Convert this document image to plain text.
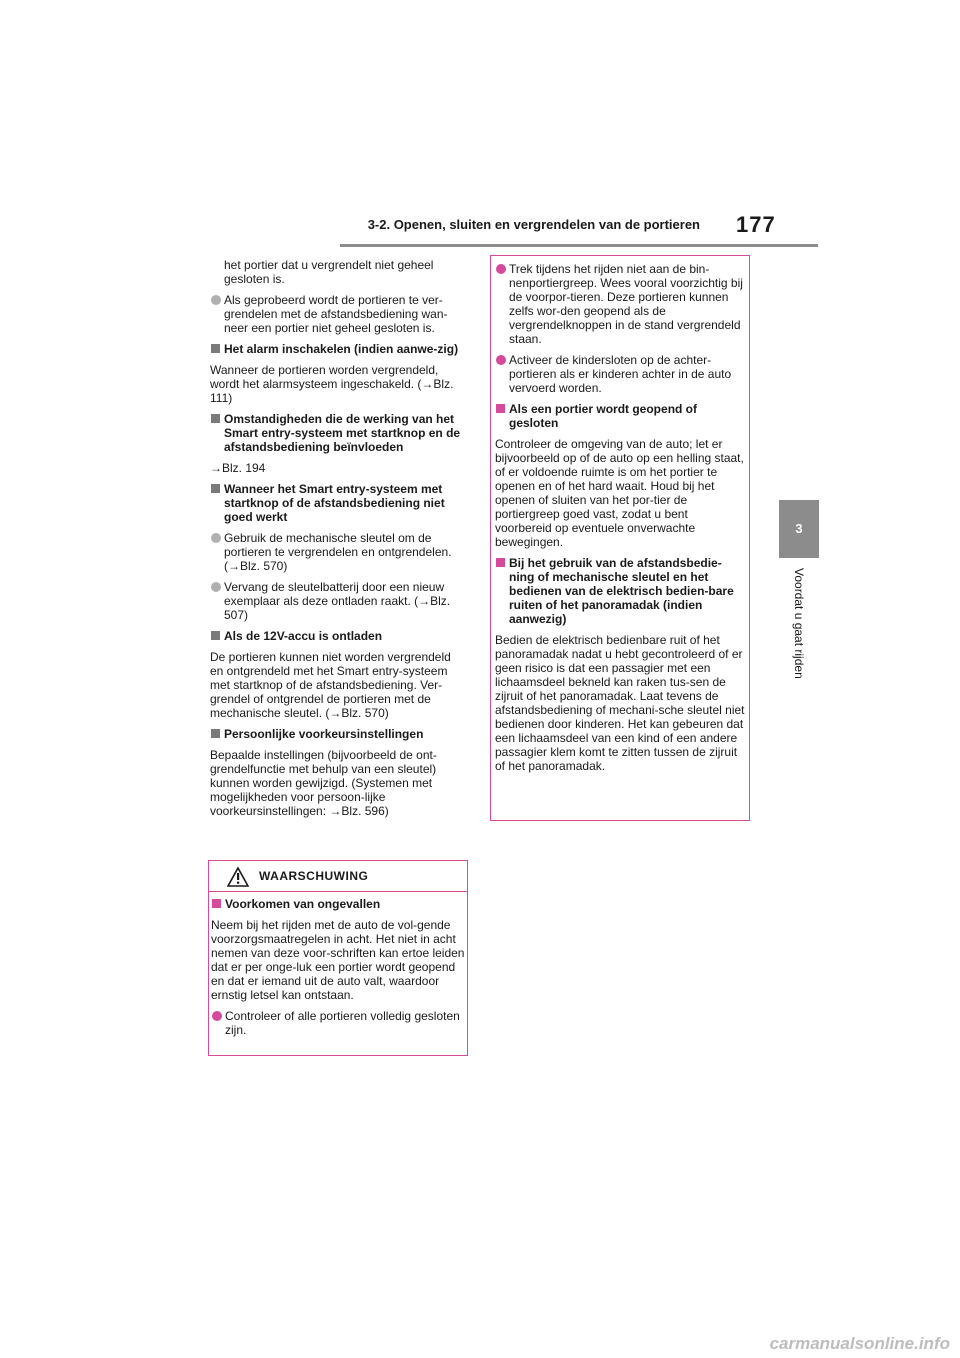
3-2. Openen, sluiten en vergrendelen van de portieren 177
3
Voordat u gaat rijden

het portier dat u vergrendelt niet geheel gesloten is.

Als geprobeerd wordt de portieren te ver-grendelen met de afstandsbediening wan-neer een portier niet geheel gesloten is.

Het alarm inschakelen (indien aanwe-zig)

Wanneer de portieren worden vergrendeld, wordt het alarmsysteem ingeschakeld. (→Blz. 111)

Omstandigheden die de werking van het Smart entry-systeem met startknop en de afstandsbediening beïnvloeden

→Blz. 194

Wanneer het Smart entry-systeem met startknop of de afstandsbediening niet goed werkt

Gebruik de mechanische sleutel om de portieren te vergrendelen en ontgrendelen. (→Blz. 570)

Vervang de sleutelbatterij door een nieuw exemplaar als deze ontladen raakt. (→Blz. 507)

Als de 12V-accu is ontladen

De portieren kunnen niet worden vergrendeld en ontgrendeld met het Smart entry-systeem met startknop of de afstandsbediening. Ver-grendel of ontgrendel de portieren met de mechanische sleutel. (→Blz. 570)

Persoonlijke voorkeursinstellingen

Bepaalde instellingen (bijvoorbeeld de ont-grendelfunctie met behulp van een sleutel) kunnen worden gewijzigd. (Systemen met mogelijkheden voor persoon-lijke voorkeursinstellingen: →Blz. 596)

WAARSCHUWING

Voorkomen van ongevallen

Neem bij het rijden met de auto de vol-gende voorzorgsmaatregelen in acht. Het niet in acht nemen van deze voor-schriften kan ertoe leiden dat er per onge-luk een portier wordt geopend en dat er iemand uit de auto valt, waardoor ernstig letsel kan ontstaan.

Controleer of alle portieren volledig gesloten zijn.

Trek tijdens het rijden niet aan de bin-nenportiergreep. Wees vooral voorzichtig bij de voorpor-tieren. Deze portieren kunnen zelfs wor-den geopend als de vergrendelknoppen in de stand vergrendeld staan.

Activeer de kindersloten op de achter-portieren als er kinderen achter in de auto vervoerd worden.

Als een portier wordt geopend of gesloten

Controleer de omgeving van de auto; let er bijvoorbeeld op of de auto op een helling staat, of er voldoende ruimte is om het portier te openen en of het hard waait. Houd bij het openen of sluiten van het por-tier de portiergreep goed vast, zodat u bent voorbereid op eventuele onverwachte bewegingen.

Bij het gebruik van de afstandsbedie-ning of mechanische sleutel en het bedienen van de elektrisch bedien-bare ruiten of het panoramadak (indien aanwezig)

Bedien de elektrisch bedienbare ruit of het panoramadak nadat u hebt gecontroleerd of er geen risico is dat een passagier met een lichaamsdeel bekneld kan raken tus-sen de zijruit of het panoramadak. Laat tevens de afstandsbediening of mechani-sche sleutel niet bedienen door kinderen. Het kan gebeuren dat een lichaamsdeel van een kind of een andere passagier klem komt te zitten tussen de zijruit of het panoramadak.

carmanualsonline.info
